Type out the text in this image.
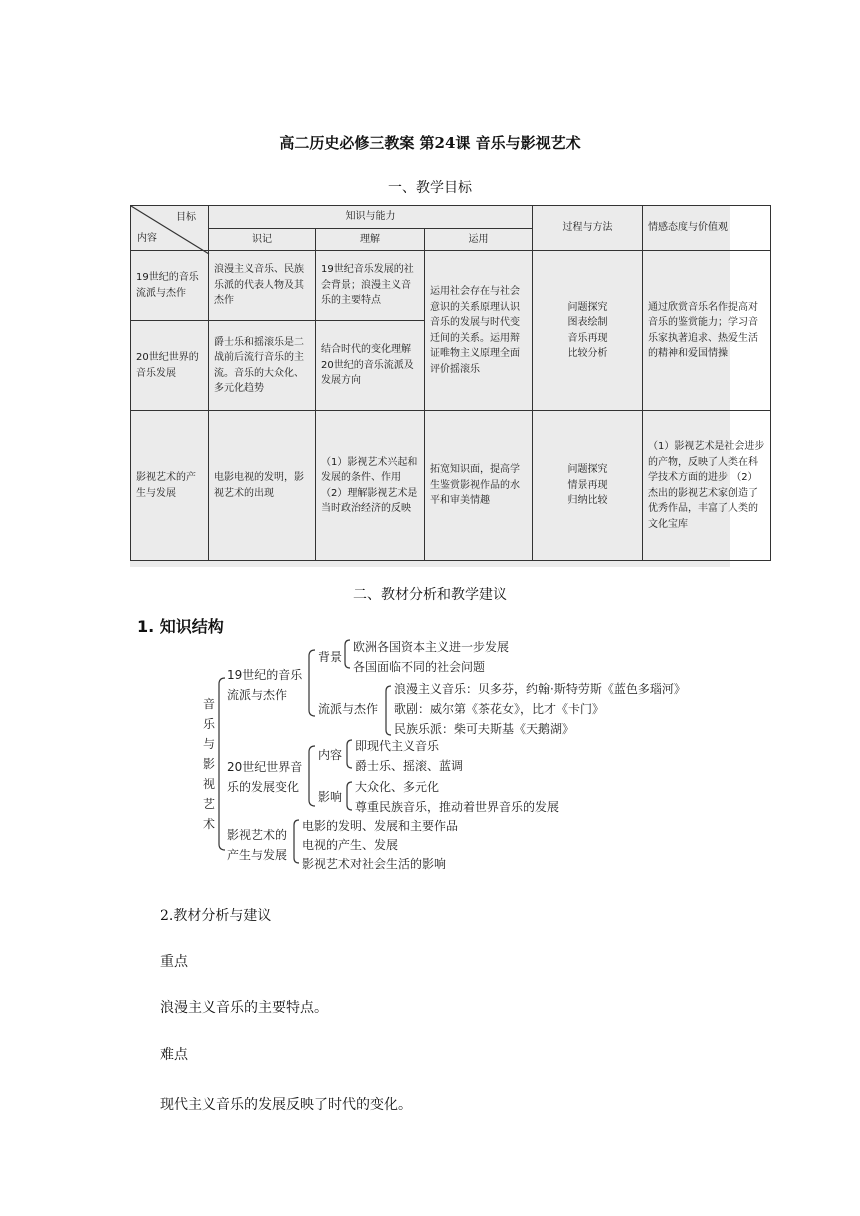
高二历史必修三教案 第24课 音乐与影视艺术
一、教学目标
目标
内容	知识与能力			过程与方法	情感态度与价值观
	识记	理解	运用		
19世纪的音乐流派与杰作	浪漫主义音乐、民族乐派的代表人物及其杰作	19世纪音乐发展的社会背景；浪漫主义音乐的主要特点	运用社会存在与社会意识的关系原理认识音乐的发展与时代变迁间的关系。运用辩证唯物主义原理全面评价摇滚乐	问题探究
图表绘制
音乐再现
比较分析	通过欣赏音乐名作提高对音乐的鉴赏能力；学习音乐家执著追求、热爱生活的精神和爱国情操
20世纪世界的音乐发展	爵士乐和摇滚乐是二战前后流行音乐的主流。音乐的大众化、多元化趋势	结合时代的变化理解20世纪的音乐流派及发展方向			
影视艺术的产生与发展	电影电视的发明，影视艺术的出现	（1）影视艺术兴起和发展的条件、作用 （2）理解影视艺术是当时政治经济的反映	拓宽知识面，提高学生鉴赏影视作品的水平和审美情趣	问题探究
情景再现
归纳比较	（1）影视艺术是社会进步的产物，反映了人类在科学技术方面的进步 （2）杰出的影视艺术家创造了优秀作品，丰富了人类的文化宝库
二、教材分析和教学建议
1. 知识结构
音
乐
与
影
视
艺
术
19世纪的音乐
流派与杰作
背景
欧洲各国资本主义进一步发展
各国面临不同的社会问题
流派与杰作
浪漫主义音乐：贝多芬，约翰·斯特劳斯《蓝色多瑙河》
歌剧：威尔第《茶花女》，比才《卡门》
民族乐派：柴可夫斯基《天鹅湖》
20世纪世界音
乐的发展变化
内容
即现代主义音乐
爵士乐、摇滚、蓝调
影响
大众化、多元化
尊重民族音乐，推动着世界音乐的发展
影视艺术的
产生与发展
电影的发明、发展和主要作品
电视的产生、发展
影视艺术对社会生活的影响
2.教材分析与建议
重点
浪漫主义音乐的主要特点。
难点
现代主义音乐的发展反映了时代的变化。
